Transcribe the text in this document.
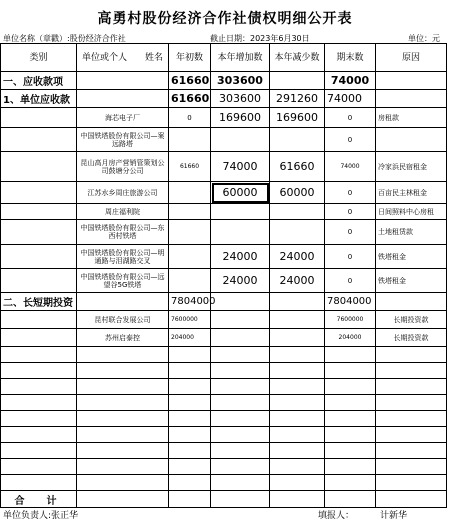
高勇村股份经济合作社债权明细公开表
单位名称（章戳）:股份经济合作社	截止日期：2023年6月30日	单位：元
类别	单位或个人　　姓名	年初数	本年增加数	本年减少数	期末数	原因
一、应收款项		61660	303600		74000	
1、单位应收款		61660	303600	291260	74000	
	海芯电子厂	0	169600	169600	0	房租款
	中国铁塔股份有限公司—案远路塔				0	
	昆山高月房产营销管策划公司鼓塘分公司	61660	74000	61660	74000	冷家浜民宿租金
	江苏水乡周庄旅游公司		60000	60000	0	百亩民主林租金
	周庄福利院				0	日间照料中心房租
	中国铁塔股份有限公司—东西村铁塔				0	土地租赁款
	中国铁塔股份有限公司—明通路与泪湖路交叉		24000	24000	0	铁塔租金
	中国铁塔股份有限公司—远望谷5G铁塔		24000	24000	0	铁塔租金
二、长短期投资		7804000			7804000	
	昆村联合发展公司	7600000			7600000	长期投资款
	苏州启泰控	204000			204000	长期投资款

合　计						
单位负责人:张正华	填报人：	计新华
